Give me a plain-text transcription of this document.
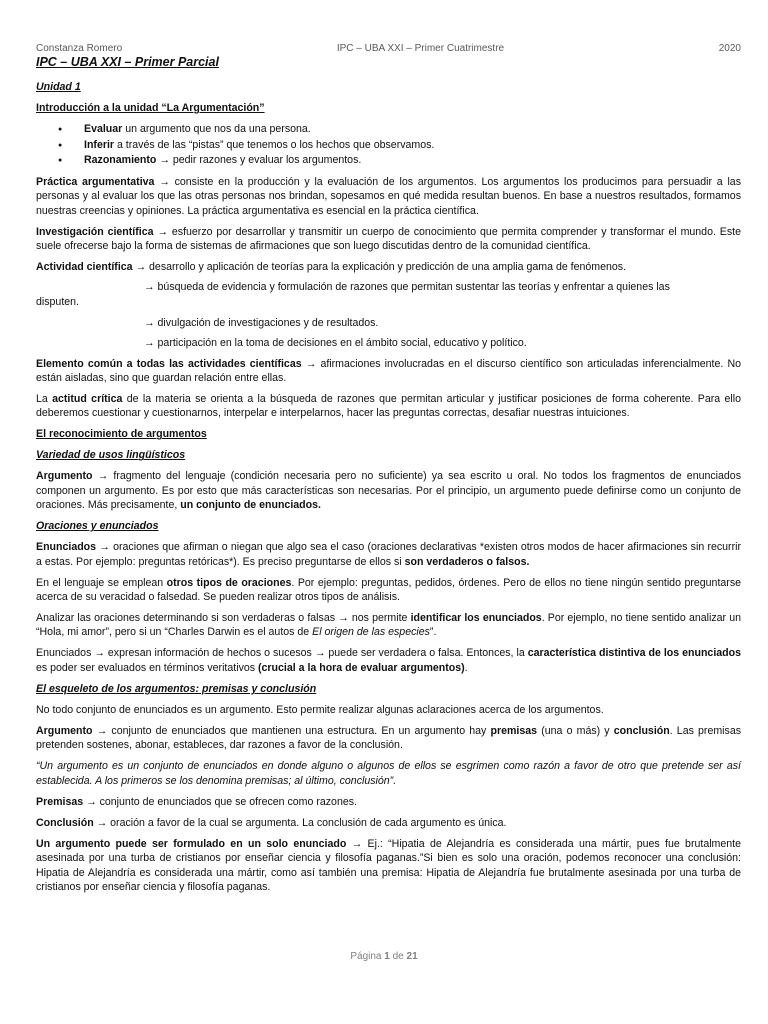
Constanza Romero	IPC – UBA XXI – Primer Cuatrimestre	2020
IPC – UBA XXI – Primer Parcial
Unidad 1
Introducción a la unidad “La Argumentación”
● Evaluar un argumento que nos da una persona.
● Inferir a través de las “pistas” que tenemos o los hechos que observamos.
● Razonamiento → pedir razones y evaluar los argumentos.

Práctica argumentativa → consiste en la producción y la evaluación de los argumentos. Los argumentos los producimos para persuadir a las personas y al evaluar los que las otras personas nos brindan, sopesamos en qué medida resultan buenos. En base a nuestros resultados, formamos nuestras creencias y opiniones. La práctica argumentativa es esencial en la práctica científica.

Investigación científica → esfuerzo por desarrollar y transmitir un cuerpo de conocimiento que permita comprender y transformar el mundo. Este suele ofrecerse bajo la forma de sistemas de afirmaciones que son luego discutidas dentro de la comunidad científica.

Actividad científica → desarrollo y aplicación de teorías para la explicación y predicción de una amplia gama de fenómenos.

→ búsqueda de evidencia y formulación de razones que permitan sustentar las teorías y enfrentar a quienes las

disputen.

→ divulgación de investigaciones y de resultados.

→ participación en la toma de decisiones en el ámbito social, educativo y político.

Elemento común a todas las actividades científicas → afirmaciones involucradas en el discurso científico son articuladas inferencialmente. No están aisladas, sino que guardan relación entre ellas.

La actitud crítica de la materia se orienta a la búsqueda de razones que permitan articular y justificar posiciones de forma coherente. Para ello deberemos cuestionar y cuestionarnos, interpelar e interpelarnos, hacer las preguntas correctas, desafiar nuestras intuiciones.

El reconocimiento de argumentos
Variedad de usos lingüísticos

Argumento → fragmento del lenguaje (condición necesaria pero no suficiente) ya sea escrito u oral. No todos los fragmentos de enunciados componen un argumento. Es por esto que más características son necesarias. Por el principio, un argumento puede definirse como un conjunto de oraciones. Más precisamente, un conjunto de enunciados.

Oraciones y enunciados

Enunciados → oraciones que afirman o niegan que algo sea el caso (oraciones declarativas *existen otros modos de hacer afirmaciones sin recurrir a estas. Por ejemplo: preguntas retóricas*). Es preciso preguntarse de ellos si son verdaderos o falsos.

En el lenguaje se emplean otros tipos de oraciones. Por ejemplo: preguntas, pedidos, órdenes. Pero de ellos no tiene ningún sentido preguntarse acerca de su veracidad o falsedad. Se pueden realizar otros tipos de análisis.

Analizar las oraciones determinando si son verdaderas o falsas → nos permite identificar los enunciados. Por ejemplo, no tiene sentido analizar un “Hola, mi amor”, pero si un “Charles Darwin es el autos de El origen de las especies”.

Enunciados → expresan información de hechos o sucesos → puede ser verdadera o falsa. Entonces, la característica distintiva de los enunciados es poder ser evaluados en términos veritativos (crucial a la hora de evaluar argumentos).

El esqueleto de los argumentos: premisas y conclusión

No todo conjunto de enunciados es un argumento. Esto permite realizar algunas aclaraciones acerca de los argumentos.

Argumento → conjunto de enunciados que mantienen una estructura. En un argumento hay premisas (una o más) y conclusión. Las premisas pretenden sostenes, abonar, estableces, dar razones a favor de la conclusión.

“Un argumento es un conjunto de enunciados en donde alguno o algunos de ellos se esgrimen como razón a favor de otro que pretende ser así establecida. A los primeros se los denomina premisas; al último, conclusión”.

Premisas → conjunto de enunciados que se ofrecen como razones.

Conclusión → oración a favor de la cual se argumenta. La conclusión de cada argumento es única.

Un argumento puede ser formulado en un solo enunciado → Ej.: “Hipatia de Alejandría es considerada una mártir, pues fue brutalmente asesinada por una turba de cristianos por enseñar ciencia y filosofía paganas.”Si bien es solo una oración, podemos reconocer una conclusión: Hipatia de Alejandría es considerada una mártir, como así también una premisa: Hipatia de Alejandría fue brutalmente asesinada por una turba de cristianos por enseñar ciencia y filosofía paganas.

Página 1 de 21
